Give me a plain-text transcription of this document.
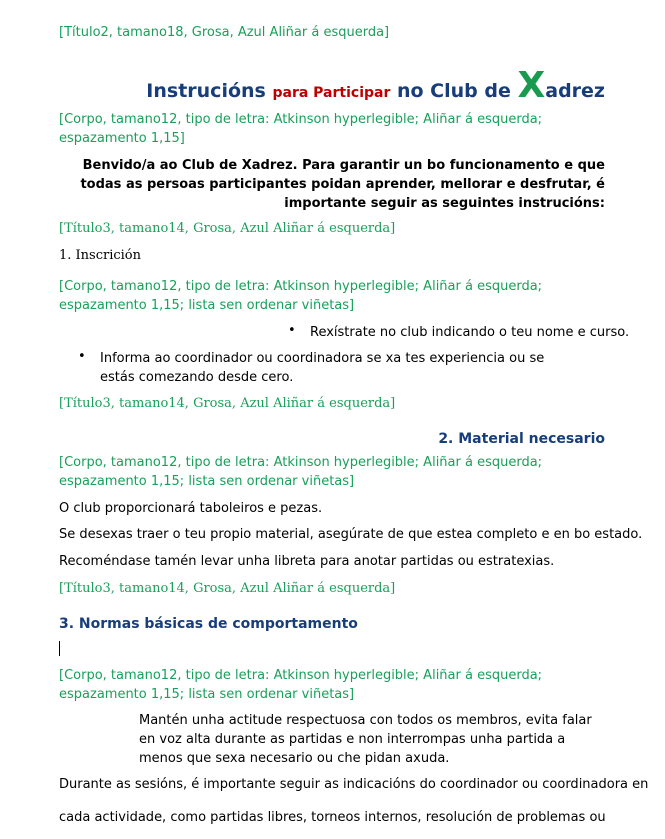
[Título2, tamano18, Grosa, Azul Aliñar á esquerda]
Instrucións para Participar no Club de Xadrez
[Corpo, tamano12, tipo de letra: Atkinson hyperlegible; Aliñar á esquerda; espazamento 1,15]
Benvido/a ao Club de Xadrez. Para garantir un bo funcionamento e que todas as persoas participantes poidan aprender, mellorar e desfrutar, é importante seguir as seguintes instrucións:
[Título3, tamano14, Grosa, Azul Aliñar á esquerda]
1. Inscrición
[Corpo, tamano12, tipo de letra: Atkinson hyperlegible; Aliñar á esquerda; espazamento 1,15; lista sen ordenar viñetas]
• Rexístrate no club indicando o teu nome e curso.
• Informa ao coordinador ou coordinadora se xa tes experiencia ou se estás comezando desde cero.
[Título3, tamano14, Grosa, Azul Aliñar á esquerda]
2. Material necesario
[Corpo, tamano12, tipo de letra: Atkinson hyperlegible; Aliñar á esquerda; espazamento 1,15; lista sen ordenar viñetas]
O club proporcionará taboleiros e pezas.
Se desexas traer o teu propio material, asegúrate de que estea completo e en bo estado.
Recoméndase tamén levar unha libreta para anotar partidas ou estratexias.
[Título3, tamano14, Grosa, Azul Aliñar á esquerda]
3. Normas básicas de comportamento
[Corpo, tamano12, tipo de letra: Atkinson hyperlegible; Aliñar á esquerda; espazamento 1,15; lista sen ordenar viñetas]
Mantén unha actitude respectuosa con todos os membros, evita falar en voz alta durante as partidas e non interrompas unha partida a menos que sexa necesario ou che pidan axuda.
Durante as sesións, é importante seguir as indicacións do coordinador ou coordinadora en
cada actividade, como partidas libres, torneos internos, resolución de problemas ou
